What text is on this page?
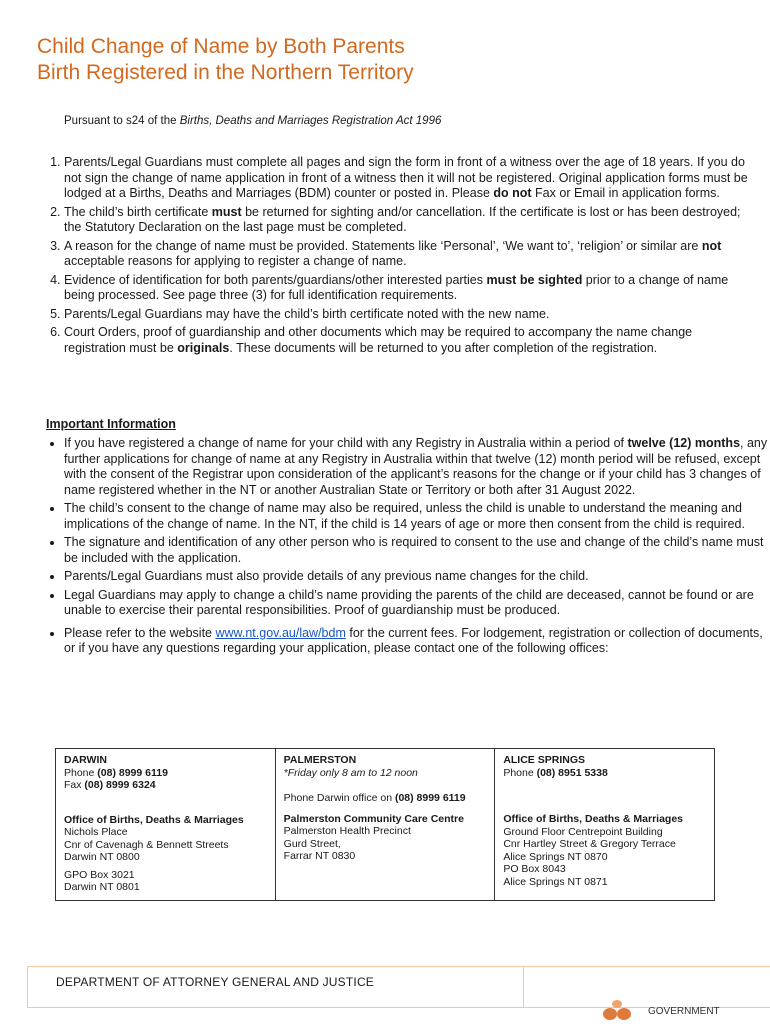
Child Change of Name by Both Parents
Birth Registered in the Northern Territory
Pursuant to s24 of the Births, Deaths and Marriages Registration Act 1996
1. Parents/Legal Guardians must complete all pages and sign the form in front of a witness over the age of 18 years. If you do not sign the change of name application in front of a witness then it will not be registered. Original application forms must be lodged at a Births, Deaths and Marriages (BDM) counter or posted in. Please do not Fax or Email in application forms.
2. The child’s birth certificate must be returned for sighting and/or cancellation. If the certificate is lost or has been destroyed; the Statutory Declaration on the last page must be completed.
3. A reason for the change of name must be provided. Statements like ‘Personal’, ‘We want to’, ‘religion’ or similar are not acceptable reasons for applying to register a change of name.
4. Evidence of identification for both parents/guardians/other interested parties must be sighted prior to a change of name being processed. See page three (3) for full identification requirements.
5. Parents/Legal Guardians may have the child’s birth certificate noted with the new name.
6. Court Orders, proof of guardianship and other documents which may be required to accompany the name change registration must be originals. These documents will be returned to you after completion of the registration.
Important Information
• If you have registered a change of name for your child with any Registry in Australia within a period of twelve (12) months, any further applications for change of name at any Registry in Australia within that twelve (12) month period will be refused, except with the consent of the Registrar upon consideration of the applicant’s reasons for the change or if your child has 3 changes of name registered whether in the NT or another Australian State or Territory or both after 31 August 2022.
• The child’s consent to the change of name may also be required, unless the child is unable to understand the meaning and implications of the change of name. In the NT, if the child is 14 years of age or more then consent from the child is required.
• The signature and identification of any other person who is required to consent to the use and change of the child’s name must be included with the application.
• Parents/Legal Guardians must also provide details of any previous name changes for the child.
• Legal Guardians may apply to change a child’s name providing the parents of the child are deceased, cannot be found or are unable to exercise their parental responsibilities. Proof of guardianship must be produced.
• Please refer to the website www.nt.gov.au/law/bdm for the current fees. For lodgement, registration or collection of documents, or if you have any questions regarding your application, please contact one of the following offices:
DARWIN
Phone (08) 8999 6119
Fax (08) 8999 6324
Office of Births, Deaths & Marriages
Nichols Place
Cnr of Cavenagh & Bennett Streets
Darwin NT 0800
GPO Box 3021
Darwin NT 0801

PALMERSTON
*Friday only 8 am to 12 noon
Phone Darwin office on (08) 8999 6119
Palmerston Community Care Centre
Palmerston Health Precinct
Gurd Street,
Farrar NT 0830

ALICE SPRINGS
Phone (08) 8951 5338
Office of Births, Deaths & Marriages
Ground Floor Centrepoint Building
Cnr Hartley Street & Gregory Terrace
Alice Springs NT 0870
PO Box 8043
Alice Springs NT 0871
DEPARTMENT OF ATTORNEY GENERAL AND JUSTICE
GOVERNMENT
